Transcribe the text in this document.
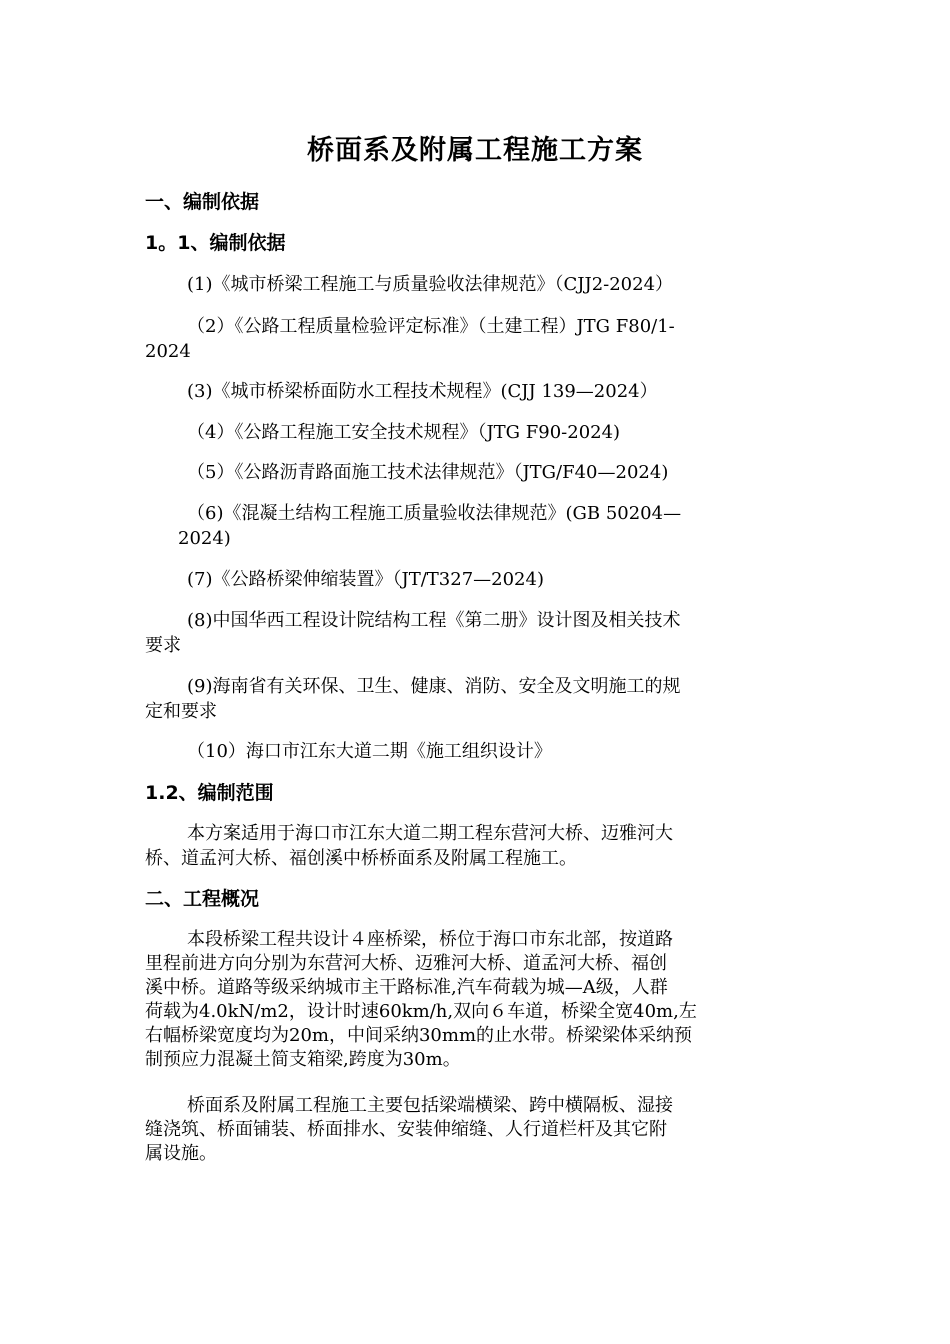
桥面系及附属工程施工方案
一、编制依据
1。1、编制依据
(1)《城市桥梁工程施工与质量验收法律规范》（CJJ2-2024）
（2）《公路工程质量检验评定标准》（土建工程）JTG F80/1-
2024
(3)《城市桥梁桥面防水工程技术规程》(CJJ 139—2024）
（4）《公路工程施工安全技术规程》（JTG F90-2024)
（5）《公路沥青路面施工技术法律规范》（JTG/F40—2024)
（6)《混凝土结构工程施工质量验收法律规范》(GB 50204—
2024)
(7)《公路桥梁伸缩装置》（JT/T327—2024)
(8)中国华西工程设计院结构工程《第二册》设计图及相关技术
要求
(9)海南省有关环保、卫生、健康、消防、安全及文明施工的规
定和要求
（10）海口市江东大道二期《施工组织设计》
1.2、编制范围
本方案适用于海口市江东大道二期工程东营河大桥、迈雅河大
桥、道孟河大桥、福创溪中桥桥面系及附属工程施工。
二、工程概况
本段桥梁工程共设计４座桥梁，桥位于海口市东北部，按道路
里程前进方向分别为东营河大桥、迈雅河大桥、道孟河大桥、福创
溪中桥。道路等级采纳城市主干路标准,汽车荷载为城—A级，人群
荷载为4.0kN/m2，设计时速60km/h,双向６车道，桥梁全宽40m,左
右幅桥梁宽度均为20m，中间采纳30mm的止水带。桥梁梁体采纳预
制预应力混凝土简支箱梁,跨度为30m。
桥面系及附属工程施工主要包括梁端横梁、跨中横隔板、湿接
缝浇筑、桥面铺装、桥面排水、安装伸缩缝、人行道栏杆及其它附
属设施。
